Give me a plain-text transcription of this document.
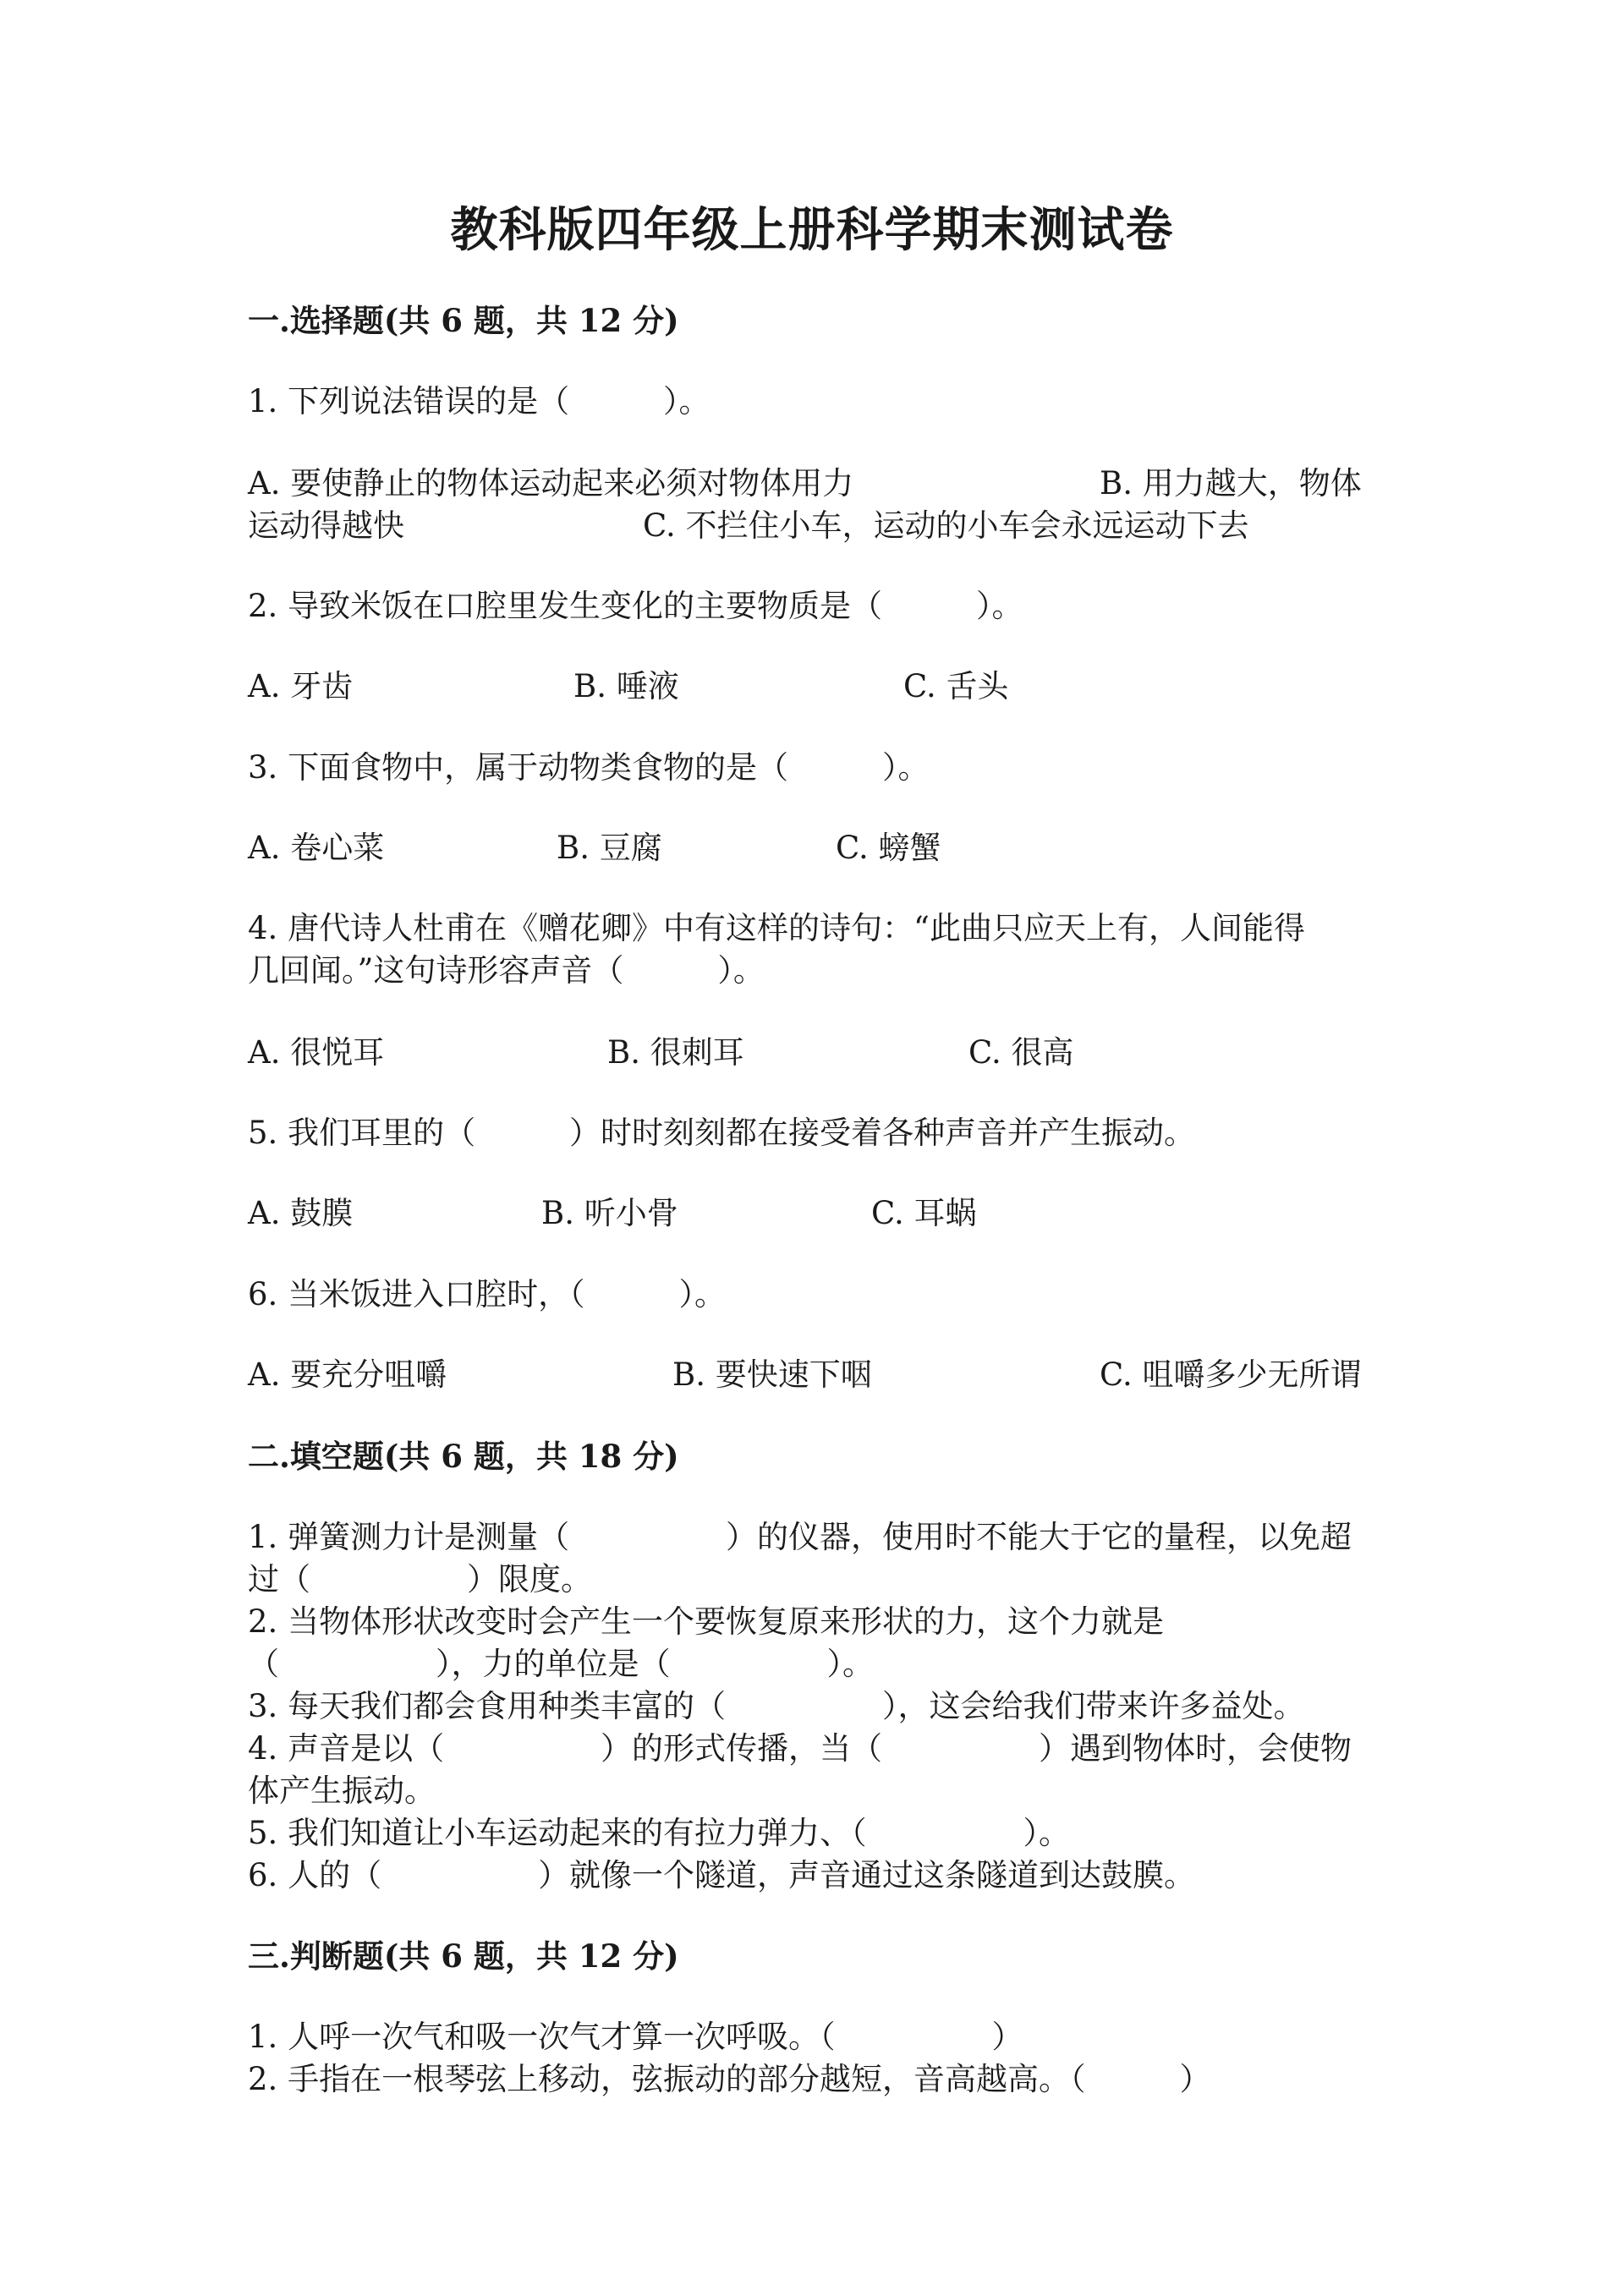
教科版四年级上册科学期末测试卷
一.选择题(共 6 题，共 12 分)
1. 下列说法错误的是（　　　）。
A. 要使静止的物体运动起来必须对物体用力	B. 用力越大，物体
运动得越快	C. 不拦住小车，运动的小车会永远运动下去
2. 导致米饭在口腔里发生变化的主要物质是（　　　）。
A. 牙齿	B. 唾液	C. 舌头
3. 下面食物中，属于动物类食物的是（　　　）。
A. 卷心菜	B. 豆腐	C. 螃蟹
4. 唐代诗人杜甫在《赠花卿》中有这样的诗句：“此曲只应天上有，人间能得
几回闻。”这句诗形容声音（　　　）。
A. 很悦耳	B. 很刺耳	C. 很高
5. 我们耳里的（　　　）时时刻刻都在接受着各种声音并产生振动。
A. 鼓膜	B. 听小骨	C. 耳蜗
6. 当米饭进入口腔时，（　　　）。
A. 要充分咀嚼	B. 要快速下咽	C. 咀嚼多少无所谓
二.填空题(共 6 题，共 18 分)
1. 弹簧测力计是测量（　　　　　）的仪器，使用时不能大于它的量程，以免超
过（　　　　　）限度。
2. 当物体形状改变时会产生一个要恢复原来形状的力，这个力就是
（　　　　　），力的单位是（　　　　　）。
3. 每天我们都会食用种类丰富的（　　　　　），这会给我们带来许多益处。
4. 声音是以（　　　　　）的形式传播，当（　　　　　）遇到物体时，会使物
体产生振动。
5. 我们知道让小车运动起来的有拉力弹力、（　　　　　）。
6. 人的（　　　　　）就像一个隧道，声音通过这条隧道到达鼓膜。
三.判断题(共 6 题，共 12 分)
1. 人呼一次气和吸一次气才算一次呼吸。（　　　　　）
2. 手指在一根琴弦上移动，弦振动的部分越短，音高越高。（　　　）
